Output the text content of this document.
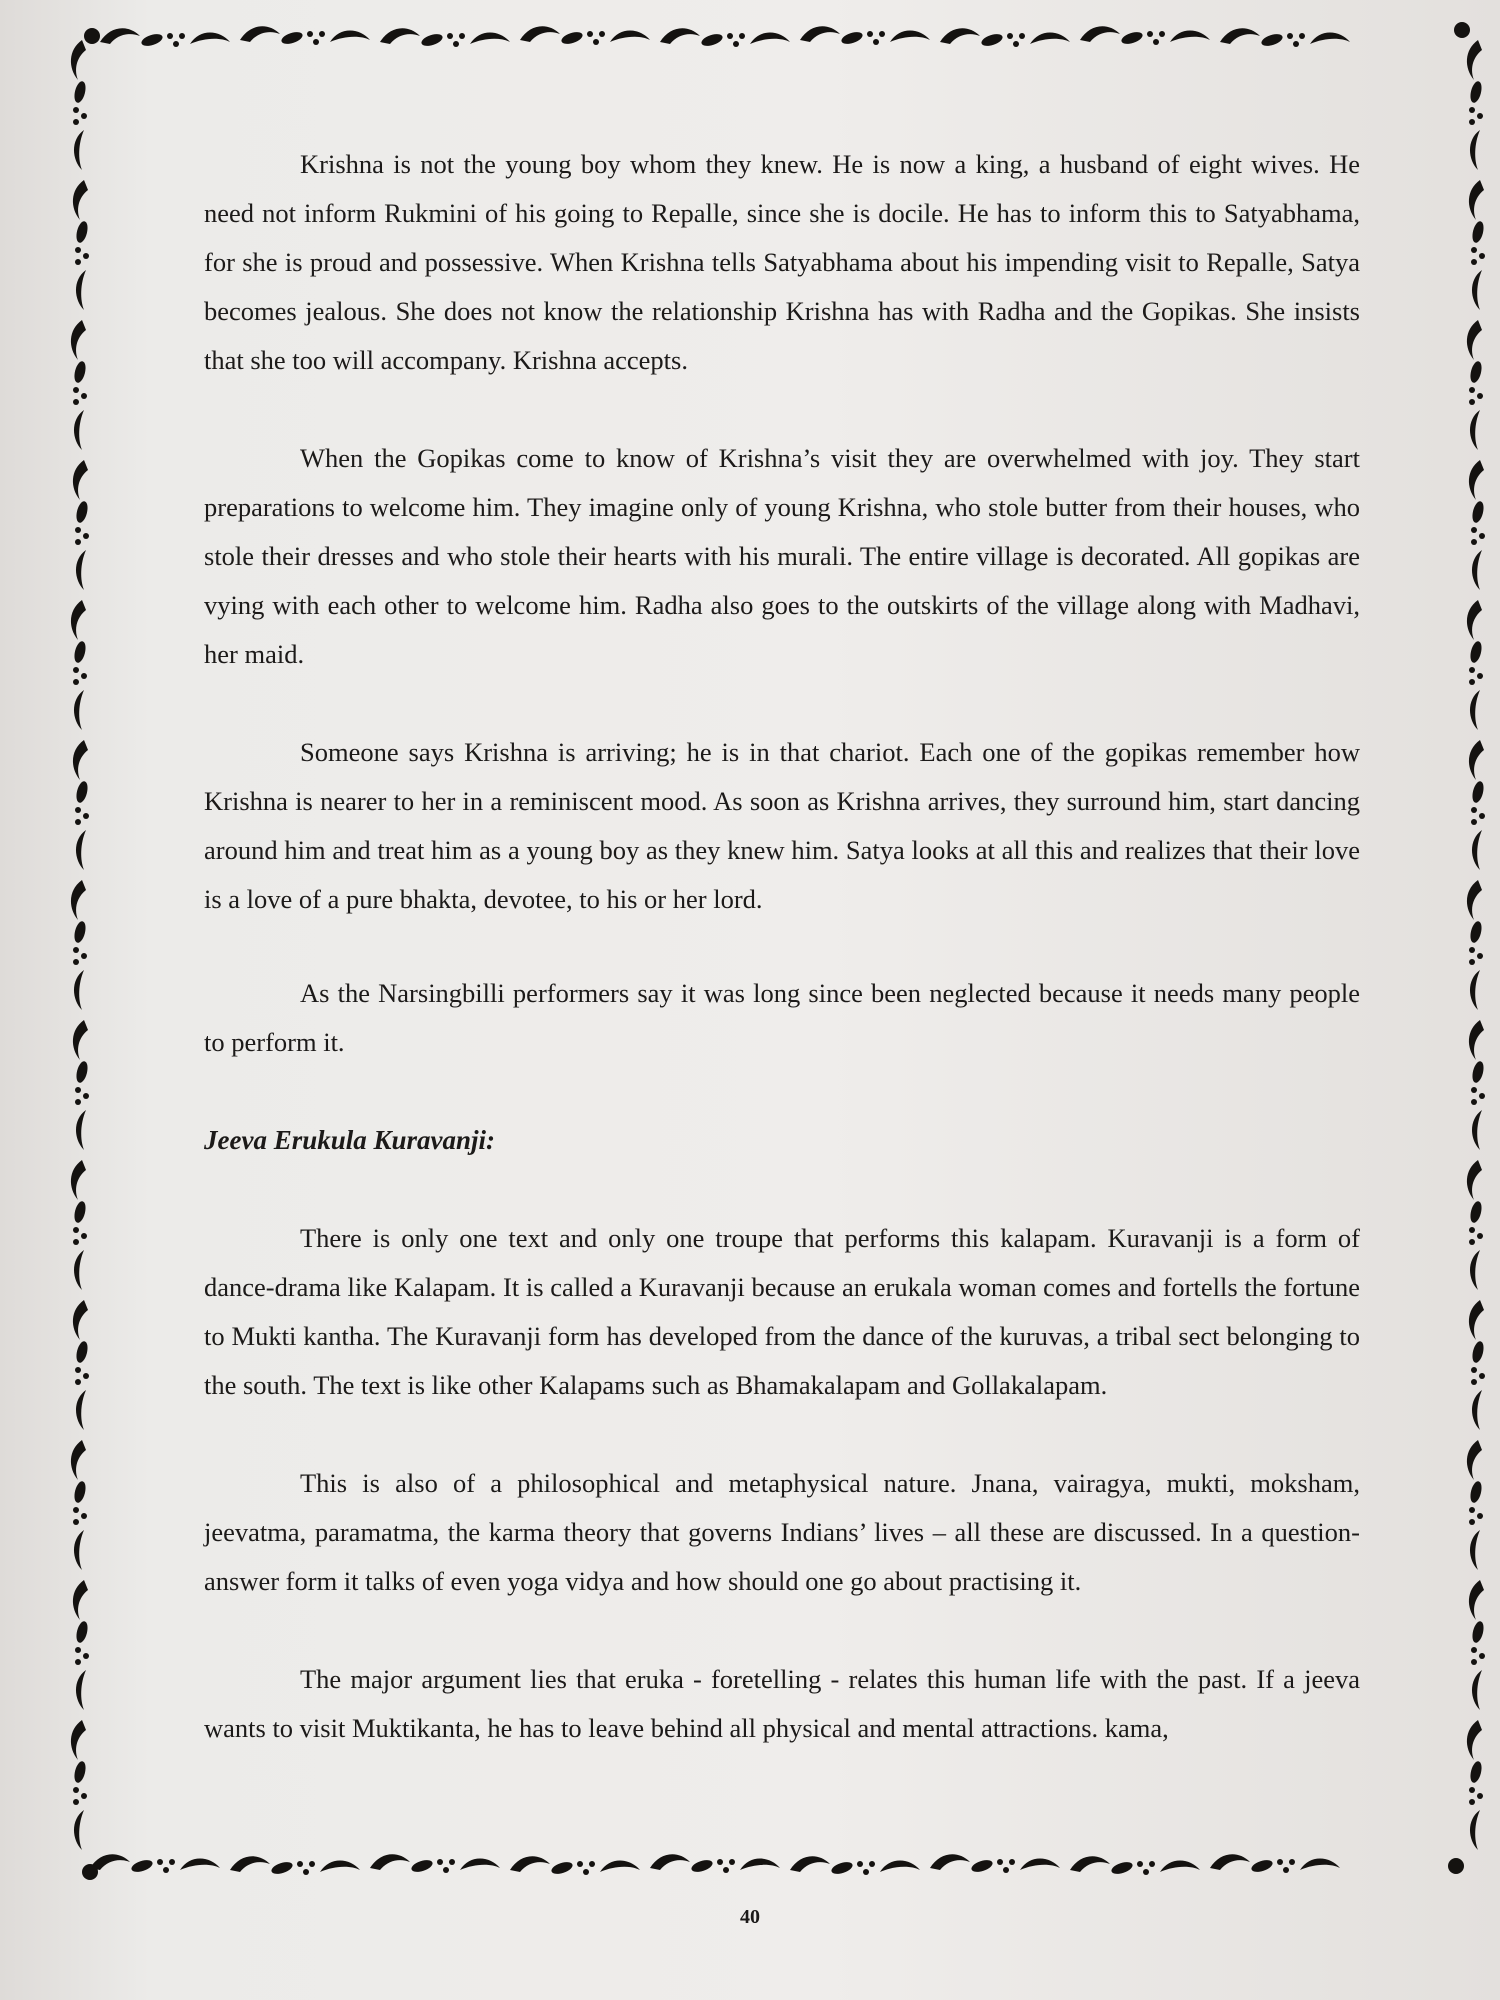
Krishna is not the young boy whom they knew. He is now a king, a husband of eight wives. He need not inform Rukmini of his going to Repalle, since she is docile. He has to inform this to Satyabhama, for she is proud and possessive. When Krishna tells Satyabhama about his impending visit to Repalle, Satya becomes jealous. She does not know the relationship Krishna has with Radha and the Gopikas. She insists that she too will accompany. Krishna accepts.

When the Gopikas come to know of Krishna’s visit they are overwhelmed with joy. They start preparations to welcome him. They imagine only of young Krishna, who stole butter from their houses, who stole their dresses and who stole their hearts with his murali. The entire village is decorated. All gopikas are vying with each other to welcome him. Radha also goes to the outskirts of the village along with Madhavi, her maid.

Someone says Krishna is arriving; he is in that chariot. Each one of the gopikas remember how Krishna is nearer to her in a reminiscent mood. As soon as Krishna arrives, they surround him, start dancing around him and treat him as a young boy as they knew him. Satya looks at all this and realizes that their love is a love of a pure bhakta, devotee, to his or her lord.

As the Narsingbilli performers say it was long since been neglected because it needs many people to perform it.

Jeeva Erukula Kuravanji:

There is only one text and only one troupe that performs this kalapam. Kuravanji is a form of dance-drama like Kalapam. It is called a Kuravanji because an erukala woman comes and fortells the fortune to Mukti kantha. The Kuravanji form has developed from the dance of the kuruvas, a tribal sect belonging to the south. The text is like other Kalapams such as Bhamakalapam and Gollakalapam.

This is also of a philosophical and metaphysical nature. Jnana, vairagya, mukti, moksham, jeevatma, paramatma, the karma theory that governs Indians’ lives – all these are discussed. In a question-answer form it talks of even yoga vidya and how should one go about practising it.

The major argument lies that eruka - foretelling - relates this human life with the past. If a jeeva wants to visit Muktikanta, he has to leave behind all physical and mental attractions. kama,

40
